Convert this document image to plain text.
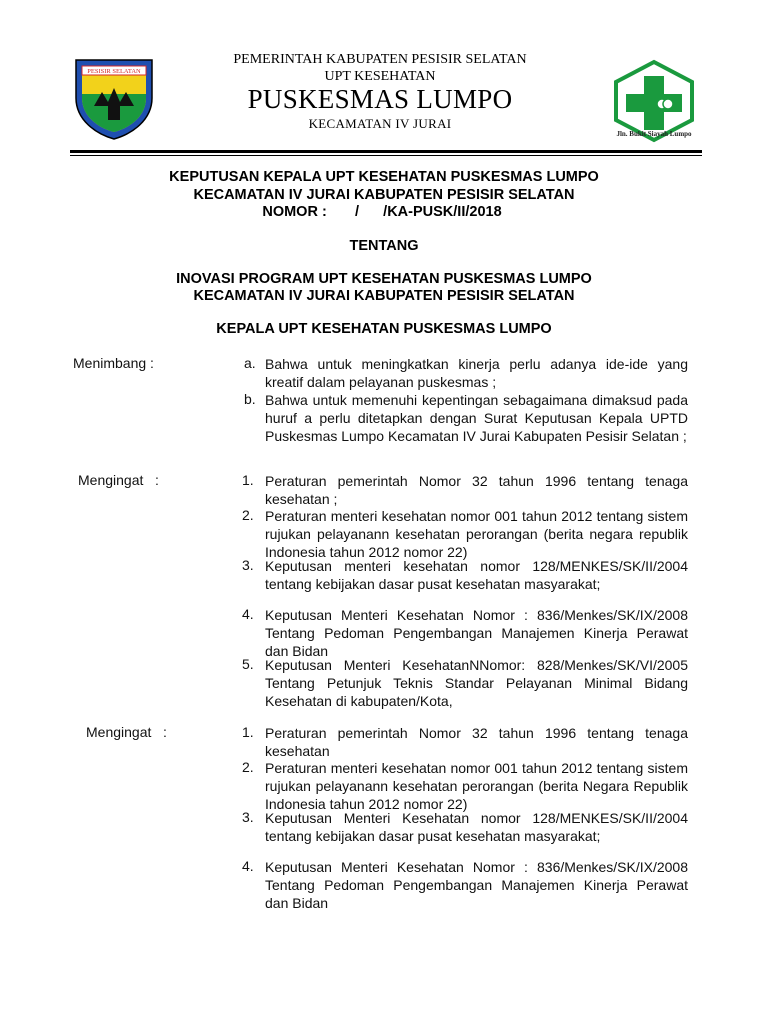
PESISIR SELATAN
PEMERINTAH KABUPATEN PESISIR SELATAN
UPT KESEHATAN
PUSKESMAS LUMPO
KECAMATAN IV JURAI
Jln. Bukit Siayah Lumpo
KEPUTUSAN KEPALA UPT KESEHATAN PUSKESMAS LUMPO
KECAMATAN IV JURAI KABUPATEN PESISIR SELATAN
NOMOR :       /      /KA-PUSK/II/2018
TENTANG
INOVASI PROGRAM UPT KESEHATAN PUSKESMAS LUMPO
KECAMATAN IV JURAI KABUPATEN PESISIR SELATAN
KEPALA UPT KESEHATAN PUSKESMAS LUMPO
Menimbang :	a. Bahwa untuk meningkatkan kinerja perlu adanya ide-ide yang kreatif dalam pelayanan puskesmas ;
b. Bahwa untuk memenuhi kepentingan sebagaimana dimaksud pada huruf a perlu ditetapkan dengan Surat Keputusan Kepala UPTD Puskesmas Lumpo Kecamatan IV Jurai Kabupaten Pesisir Selatan ;
Mengingat   :	1. Peraturan pemerintah Nomor 32 tahun 1996 tentang tenaga kesehatan ;
2. Peraturan menteri kesehatan nomor 001 tahun 2012 tentang sistem rujukan pelayanann kesehatan perorangan (berita negara republik Indonesia tahun 2012 nomor 22)
3. Keputusan menteri kesehatan nomor 128/MENKES/SK/II/2004 tentang kebijakan dasar pusat kesehatan masyarakat;
4. Keputusan Menteri Kesehatan Nomor : 836/Menkes/SK/IX/2008 Tentang Pedoman Pengembangan Manajemen Kinerja Perawat dan Bidan
5. Keputusan Menteri KesehatanNNomor: 828/Menkes/SK/VI/2005 Tentang Petunjuk Teknis Standar Pelayanan Minimal Bidang Kesehatan di kabupaten/Kota,
Mengingat   :	1. Peraturan pemerintah Nomor 32 tahun 1996 tentang tenaga kesehatan
2. Peraturan menteri kesehatan nomor 001 tahun 2012 tentang sistem rujukan pelayanann kesehatan perorangan (berita Negara Republik Indonesia tahun 2012 nomor 22)
3. Keputusan Menteri Kesehatan nomor 128/MENKES/SK/II/2004 tentang kebijakan dasar pusat kesehatan masyarakat;
4. Keputusan Menteri Kesehatan Nomor : 836/Menkes/SK/IX/2008 Tentang Pedoman Pengembangan Manajemen Kinerja Perawat dan Bidan
